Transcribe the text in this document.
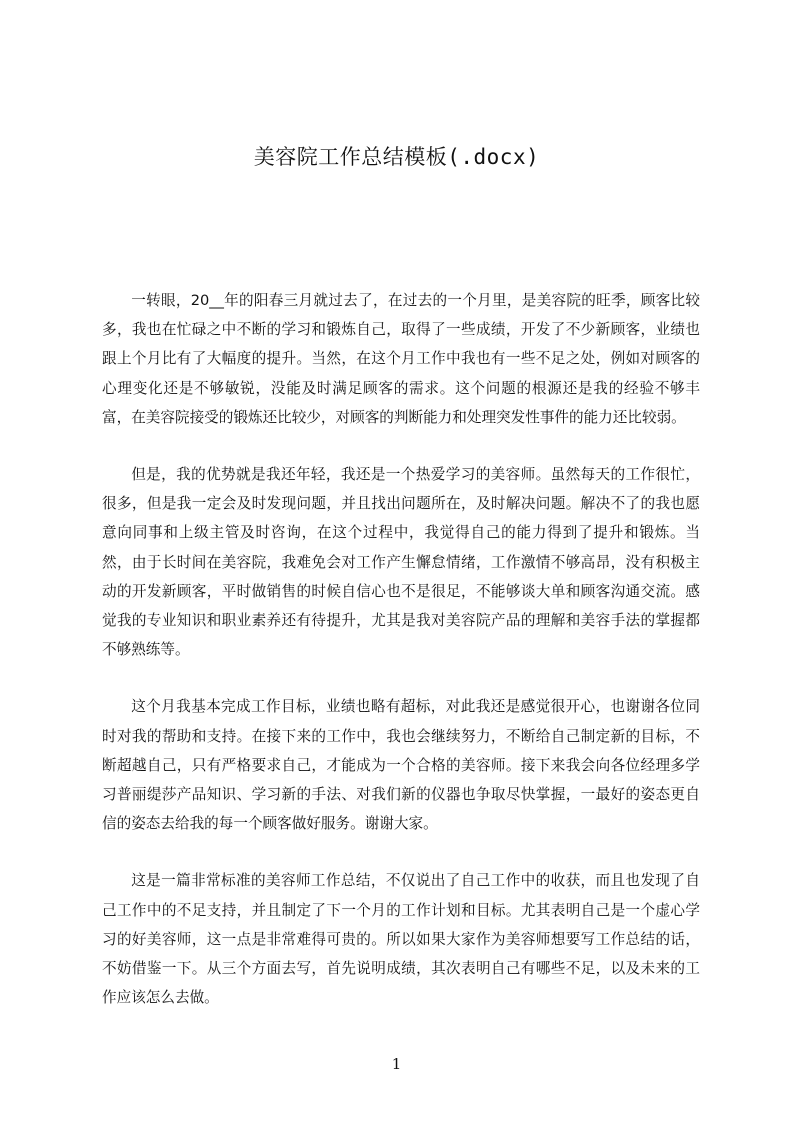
美容院工作总结模板(.docx)

一转眼，20__年的阳春三月就过去了，在过去的一个月里，是美容院的旺季，顾客比较多，我也在忙碌之中不断的学习和锻炼自己，取得了一些成绩，开发了不少新顾客，业绩也跟上个月比有了大幅度的提升。当然，在这个月工作中我也有一些不足之处，例如对顾客的心理变化还是不够敏锐，没能及时满足顾客的需求。这个问题的根源还是我的经验不够丰富，在美容院接受的锻炼还比较少，对顾客的判断能力和处理突发性事件的能力还比较弱。

但是，我的优势就是我还年轻，我还是一个热爱学习的美容师。虽然每天的工作很忙，很多，但是我一定会及时发现问题，并且找出问题所在，及时解决问题。解决不了的我也愿意向同事和上级主管及时咨询，在这个过程中，我觉得自己的能力得到了提升和锻炼。当然，由于长时间在美容院，我难免会对工作产生懈怠情绪，工作激情不够高昂，没有积极主动的开发新顾客，平时做销售的时候自信心也不是很足，不能够谈大单和顾客沟通交流。感觉我的专业知识和职业素养还有待提升，尤其是我对美容院产品的理解和美容手法的掌握都不够熟练等。

这个月我基本完成工作目标，业绩也略有超标，对此我还是感觉很开心，也谢谢各位同时对我的帮助和支持。在接下来的工作中，我也会继续努力，不断给自己制定新的目标，不断超越自己，只有严格要求自己，才能成为一个合格的美容师。接下来我会向各位经理多学习普丽缇莎产品知识、学习新的手法、对我们新的仪器也争取尽快掌握，一最好的姿态更自信的姿态去给我的每一个顾客做好服务。谢谢大家。

这是一篇非常标准的美容师工作总结，不仅说出了自己工作中的收获，而且也发现了自己工作中的不足支持，并且制定了下一个月的工作计划和目标。尤其表明自己是一个虚心学习的好美容师，这一点是非常难得可贵的。所以如果大家作为美容师想要写工作总结的话，不妨借鉴一下。从三个方面去写，首先说明成绩，其次表明自己有哪些不足，以及未来的工作应该怎么去做。

1
